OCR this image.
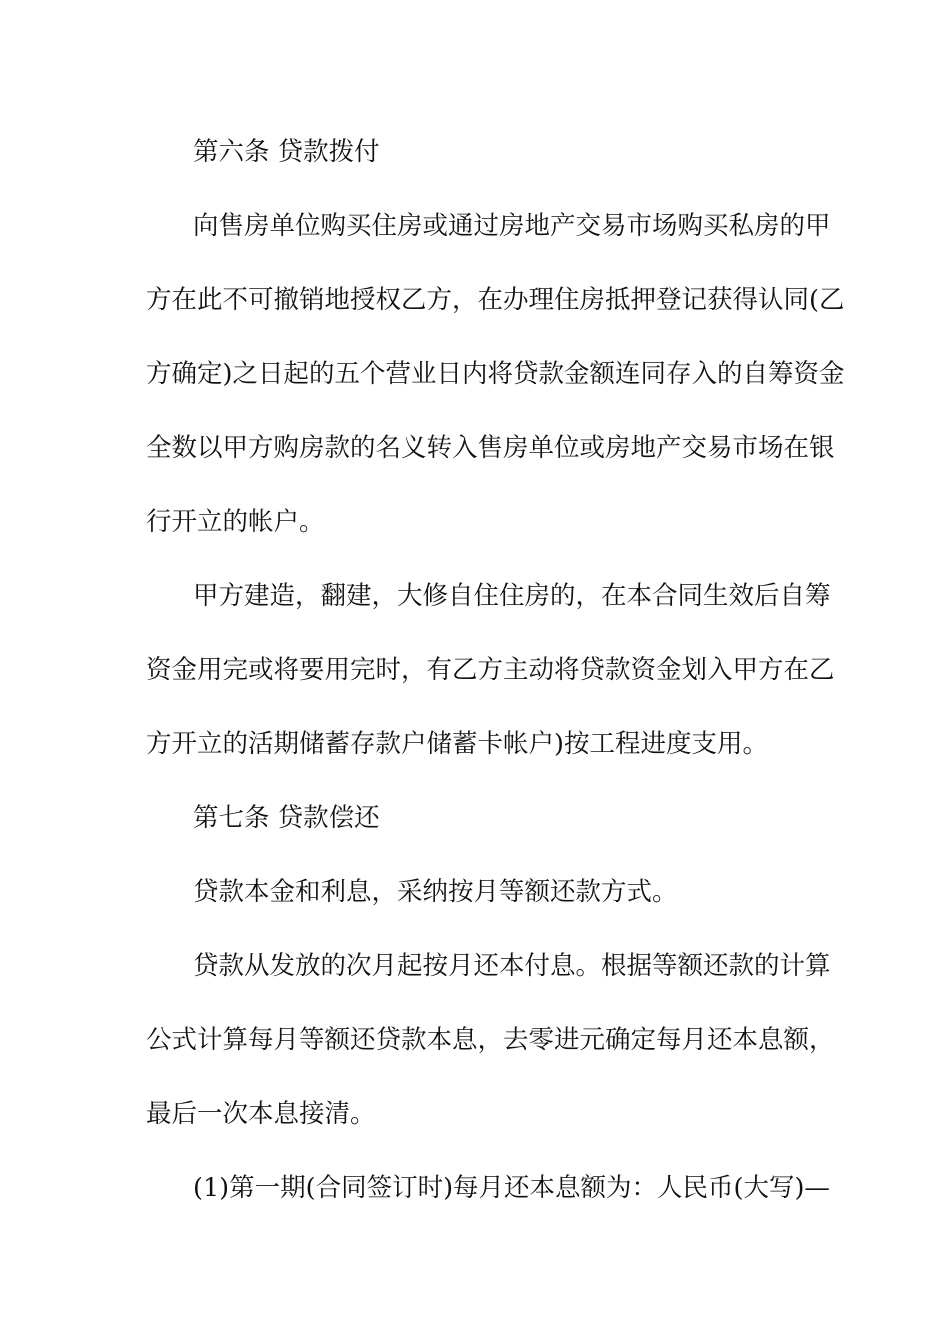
第六条 贷款拨付
向售房单位购买住房或通过房地产交易市场购买私房的甲
方在此不可撤销地授权乙方，在办理住房抵押登记获得认同(乙
方确定)之日起的五个营业日内将贷款金额连同存入的自筹资金
全数以甲方购房款的名义转入售房单位或房地产交易市场在银
行开立的帐户。
甲方建造，翻建，大修自住住房的，在本合同生效后自筹
资金用完或将要用完时，有乙方主动将贷款资金划入甲方在乙
方开立的活期储蓄存款户储蓄卡帐户)按工程进度支用。
第七条 贷款偿还
贷款本金和利息，采纳按月等额还款方式。
贷款从发放的次月起按月还本付息。根据等额还款的计算
公式计算每月等额还贷款本息，去零进元确定每月还本息额，
最后一次本息接清。
(1)第一期(合同签订时)每月还本息额为：人民币(大写)—
